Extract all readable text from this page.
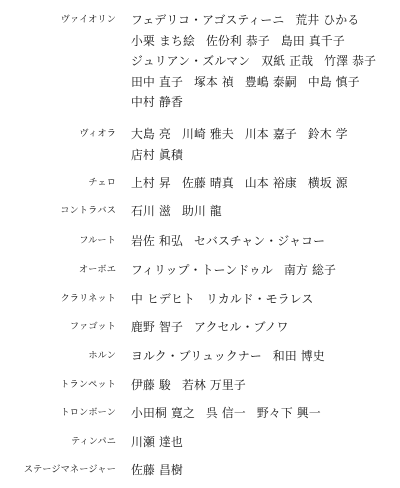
ヴァイオリン フェデリコ・アゴスティーニ 荒井 ひかる
小栗 まち絵 佐份利 恭子 島田 真千子
ジュリアン・ズルマン 双紙 正哉 竹澤 恭子
田中 直子 塚本 禎 豊嶋 泰嗣 中島 慎子
中村 静香
ヴィオラ 大島 亮 川崎 雅夫 川本 嘉子 鈴木 学
店村 眞積
チェロ 上村 昇 佐藤 晴真 山本 裕康 横坂 源
コントラバス 石川 滋 助川 龍
フルート 岩佐 和弘 セバスチャン・ジャコー
オーボエ フィリップ・トーンドゥル 南方 総子
クラリネット 中 ヒデヒト リカルド・モラレス
ファゴット 鹿野 智子 アクセル・ブノワ
ホルン ヨルク・ブリュックナー 和田 博史
トランペット 伊藤 駿 若林 万里子
トロンボーン 小田桐 寛之 呉 信一 野々下 興一
ティンパニ 川瀬 達也
ステージマネージャー 佐藤 昌樹
